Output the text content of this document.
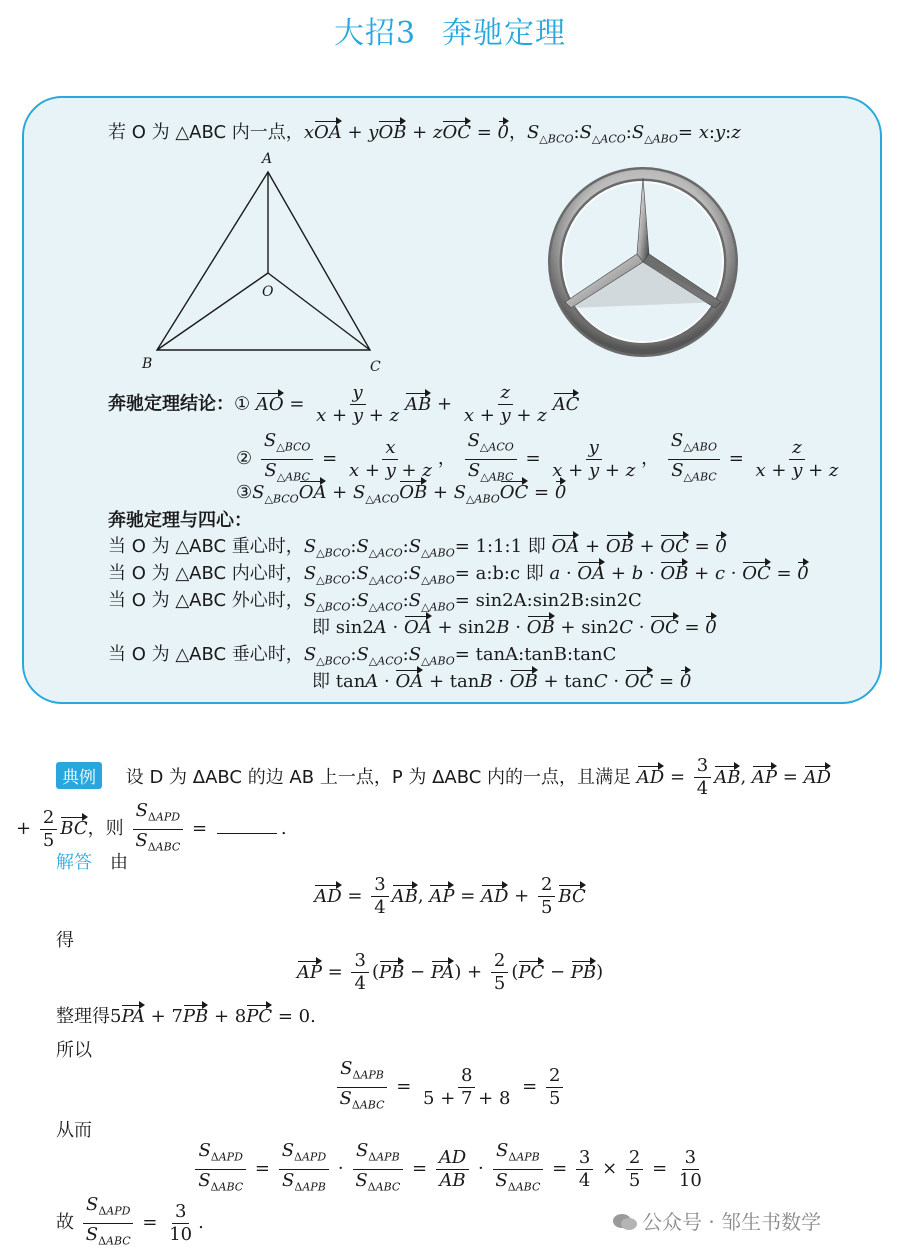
大招3 奔驰定理
若 O 为 △ABC 内一点，xOA + yOB + zOC = 0，$S_{\triangle BCO}:S_{\triangle ACO}:S_{\triangle ABO}=$ x:y:z
A
B	C
O
奔驰定理结论：① AO = $\frac{y}{x + y + z}$ AB + $\frac{z}{x + y + z}$ AC
② $\frac{S_{\triangle BCO}}{S_{\triangle ABC}} = \frac{x}{x + y + z}$ ， $\frac{S_{\triangle ACO}}{S_{\triangle ABC}} = \frac{y}{x + y + z}$ ， $\frac{S_{\triangle ABO}}{S_{\triangle ABC}} = \frac{z}{x + y + z}$
$③S_{\triangle BCO}OA + S_{\triangle ACO}OB + S_{\triangle ABO}OC = 0$
奔驰定理与四心：
当 O 为 △ABC 重心时，$S_{\triangle BCO}:S_{\triangle ACO}:S_{\triangle ABO}=$ 1:1:1 即 OA + OB + OC = 0
当 O 为 △ABC 内心时，$S_{\triangle BCO}:S_{\triangle ACO}:S_{\triangle ABO}=$ a:b:c 即 a · OA + b · OB + c · OC = 0
当 O 为 △ABC 外心时，$S_{\triangle BCO}:S_{\triangle ACO}:S_{\triangle ABO}=$ sin2A:sin2B:sin2C
即 sin2A · OA + sin2B · OB + sin2C · OC = 0
当 O 为 △ABC 垂心时，$S_{\triangle BCO}:S_{\triangle ACO}:S_{\triangle ABO}=$ tanA:tanB:tanC
即 tanA · OA + tanB · OB + tanC · OC = 0
典例 设 D 为 ΔABC 的边 AB 上一点，P 为 ΔABC 内的一点，且满足 AD = $\frac{3}{4}$ AB, AP = AD
+ $\frac{2}{5}$ BC，则 $\frac{S_{\Delta APD}}{S_{\Delta ABC}}$ =	.
解答 由
AD = $\frac{3}{4}$ AB, AP = AD + $\frac{2}{5}$ BC
得
AP = $\frac{3}{4} (PB - PA) + \frac{2}{5} (PC - PB)$
整理得5PA + 7PB + 8PC = 0.
所以
$\frac{S_{\Delta APB}}{S_{\Delta ABC}} = \frac{8}{5 + 7 + 8} = \frac{2}{5}$
从而
$\frac{S_{\Delta APD}}{S_{\Delta ABC}} = \frac{S_{\Delta APD}}{S_{\Delta APB}} \cdot \frac{S_{\Delta APB}}{S_{\Delta ABC}} = \frac{AD}{AB} \cdot \frac{S_{\Delta APB}}{S_{\Delta ABC}} = \frac{3}{4} \times \frac{2}{5} = \frac{3}{10}$
故 $\frac{S_{\Delta APD}}{S_{\Delta ABC}} = \frac{3}{10}$ .	公众号 · 邹生书数学
